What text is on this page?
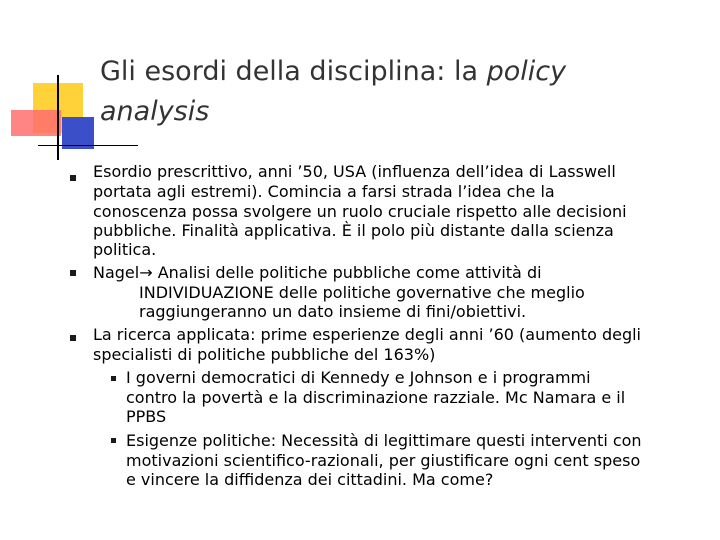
Gli esordi della disciplina: la policy
analysis
Esordio prescrittivo, anni ’50, USA (influenza dell’idea di Lasswell
portata agli estremi). Comincia a farsi strada l’idea che la
conoscenza possa svolgere un ruolo cruciale rispetto alle decisioni
pubbliche. Finalità applicativa. È il polo più distante dalla scienza
politica.
Nagel→ Analisi delle politiche pubbliche come attività di
INDIVIDUAZIONE delle politiche governative che meglio
raggiungeranno un dato insieme di fini/obiettivi.
La ricerca applicata: prime esperienze degli anni ’60 (aumento degli
specialisti di politiche pubbliche del 163%)
I governi democratici di Kennedy e Johnson e i programmi
contro la povertà e la discriminazione razziale. Mc Namara e il
PPBS
Esigenze politiche: Necessità di legittimare questi interventi con
motivazioni scientifico-razionali, per giustificare ogni cent speso
e vincere la diffidenza dei cittadini. Ma come?
